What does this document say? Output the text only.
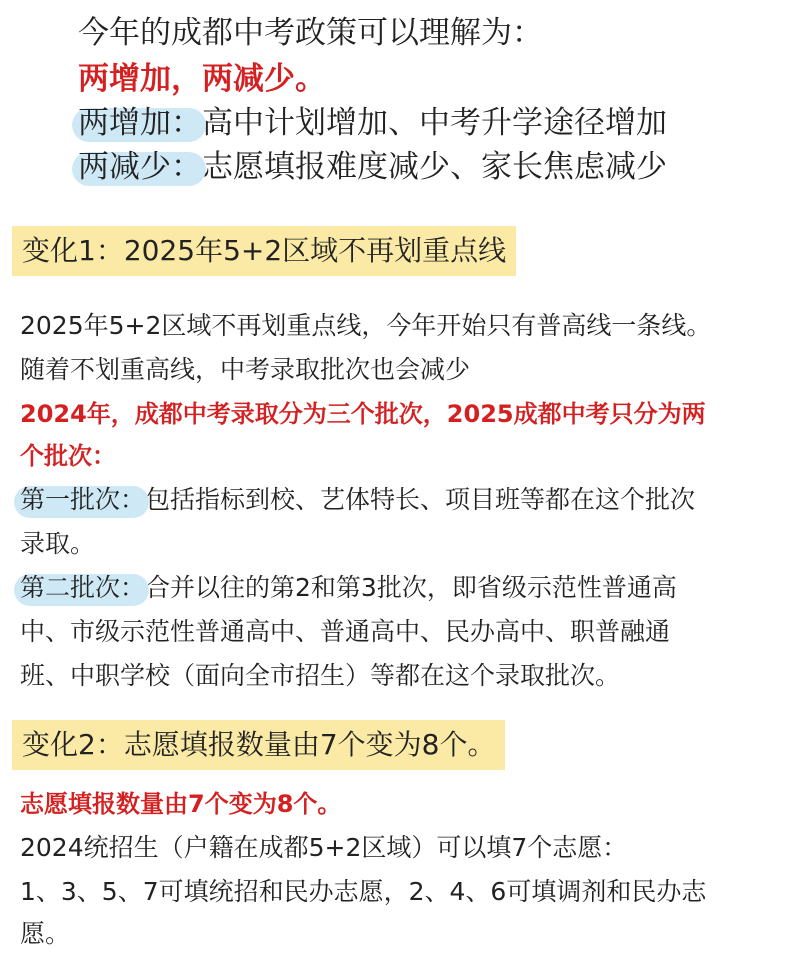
今年的成都中考政策可以理解为：

两增加，两减少。

两增加：高中计划增加、中考升学途径增加

两减少：志愿填报难度减少、家长焦虑减少

变化1：2025年5+2区域不再划重点线

2025年5+2区域不再划重点线，今年开始只有普高线一条线。

随着不划重高线，中考录取批次也会减少

2024年，成都中考录取分为三个批次，2025成都中考只分为两

个批次：

第一批次：包括指标到校、艺体特长、项目班等都在这个批次

录取。

第二批次：合并以往的第2和第3批次，即省级示范性普通高

中、市级示范性普通高中、普通高中、民办高中、职普融通

班、中职学校（面向全市招生）等都在这个录取批次。

变化2：志愿填报数量由7个变为8个。

志愿填报数量由7个变为8个。

2024统招生（户籍在成都5+2区域）可以填7个志愿：

1、3、5、7可填统招和民办志愿，2、4、6可填调剂和民办志

愿。
